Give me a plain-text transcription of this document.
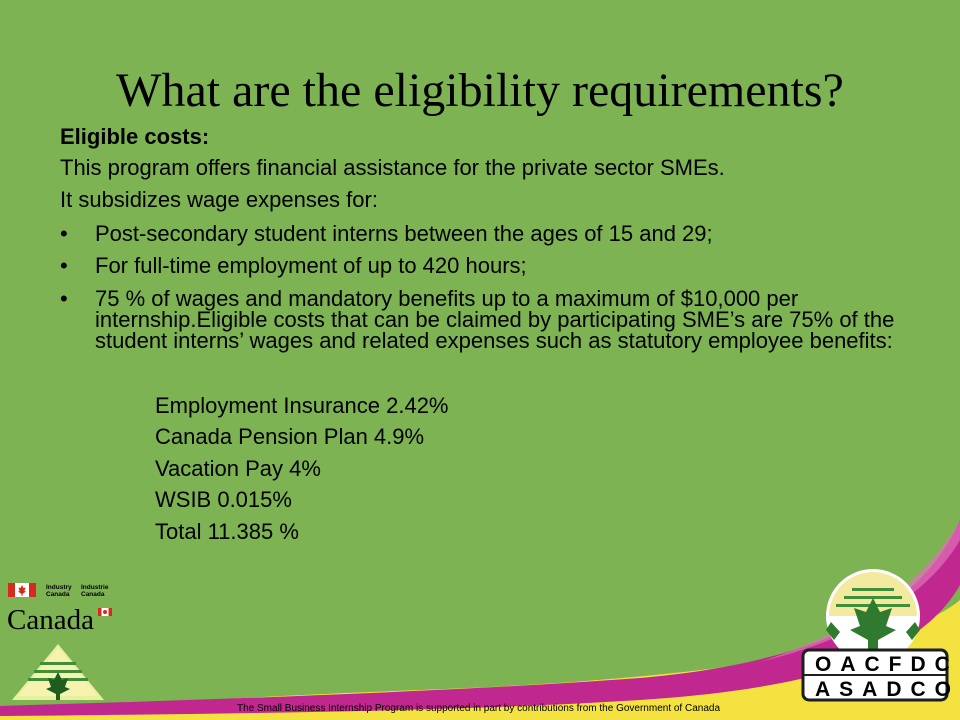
What are the eligibility requirements?
Eligible costs:
This program offers financial assistance for the private sector SMEs.
It subsidizes wage expenses for:
• Post-secondary student interns between the ages of 15 and 29;
• For full-time employment of up to 420 hours;
• 75 % of wages and mandatory benefits up to a maximum of $10,000 per internship.Eligible costs that can be claimed by participating SME’s are 75% of the student interns’ wages and related expenses such as statutory employee benefits:
Employment Insurance 2.42%
Canada Pension Plan 4.9%
Vacation Pay 4%
WSIB 0.015%
Total 11.385 %
Industry
Canada
Industrie
Canada
Canada
OACFDC
ASADCO
The Small Business Internship Program is supported in part by contributions from the Government of Canada
